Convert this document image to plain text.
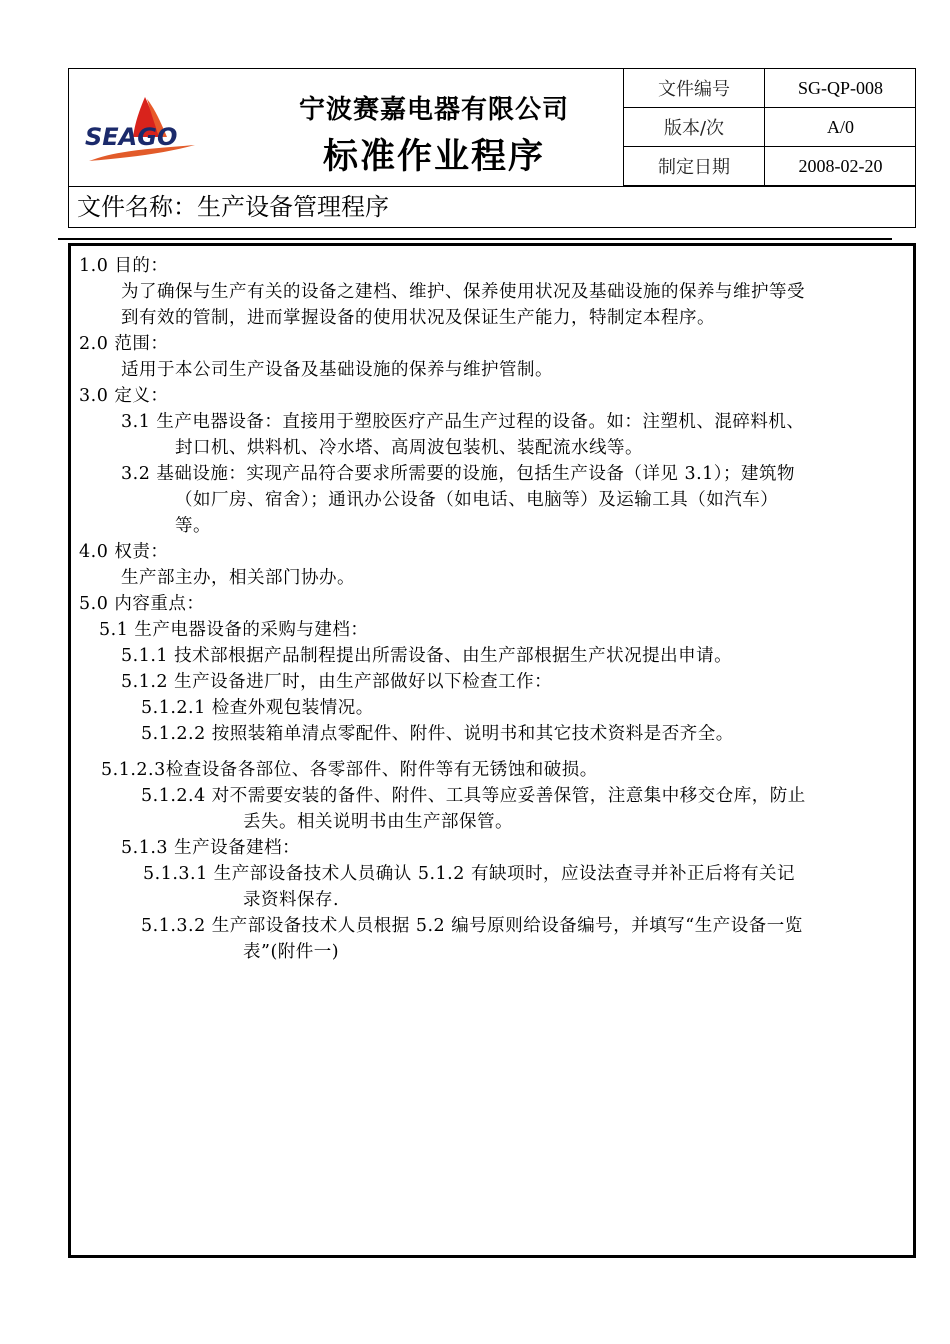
SEAGO
宁波赛嘉电器有限公司
标准作业程序
文件编号	SG-QP-008
版本/次	A/0
制定日期	2008-02-20
文件名称：生产设备管理程序
1.0 目的：
为了确保与生产有关的设备之建档、维护、保养使用状况及基础设施的保养与维护等受
到有效的管制，进而掌握设备的使用状况及保证生产能力，特制定本程序。
2.0 范围：
适用于本公司生产设备及基础设施的保养与维护管制。
3.0 定义：
3.1 生产电器设备：直接用于塑胶医疗产品生产过程的设备。如：注塑机、混碎料机、
封口机、烘料机、冷水塔、高周波包装机、装配流水线等。
3.2 基础设施：实现产品符合要求所需要的设施，包括生产设备（详见 3.1）；建筑物
（如厂房、宿舍）；通讯办公设备（如电话、电脑等）及运输工具（如汽车）
等。
4.0 权责：
生产部主办，相关部门协办。
5.0 内容重点：
5.1 生产电器设备的采购与建档：
5.1.1 技术部根据产品制程提出所需设备、由生产部根据生产状况提出申请。
5.1.2 生产设备进厂时，由生产部做好以下检查工作：
5.1.2.1 检查外观包装情况。
5.1.2.2 按照装箱单清点零配件、附件、说明书和其它技术资料是否齐全。
5.1.2.3检查设备各部位、各零部件、附件等有无锈蚀和破损。
5.1.2.4 对不需要安装的备件、附件、工具等应妥善保管，注意集中移交仓库，防止
丢失。相关说明书由生产部保管。
5.1.3 生产设备建档：
5.1.3.1 生产部设备技术人员确认 5.1.2 有缺项时，应设法查寻并补正后将有关记
录资料保存.
5.1.3.2 生产部设备技术人员根据 5.2 编号原则给设备编号，并填写“生产设备一览
表”(附件一)
